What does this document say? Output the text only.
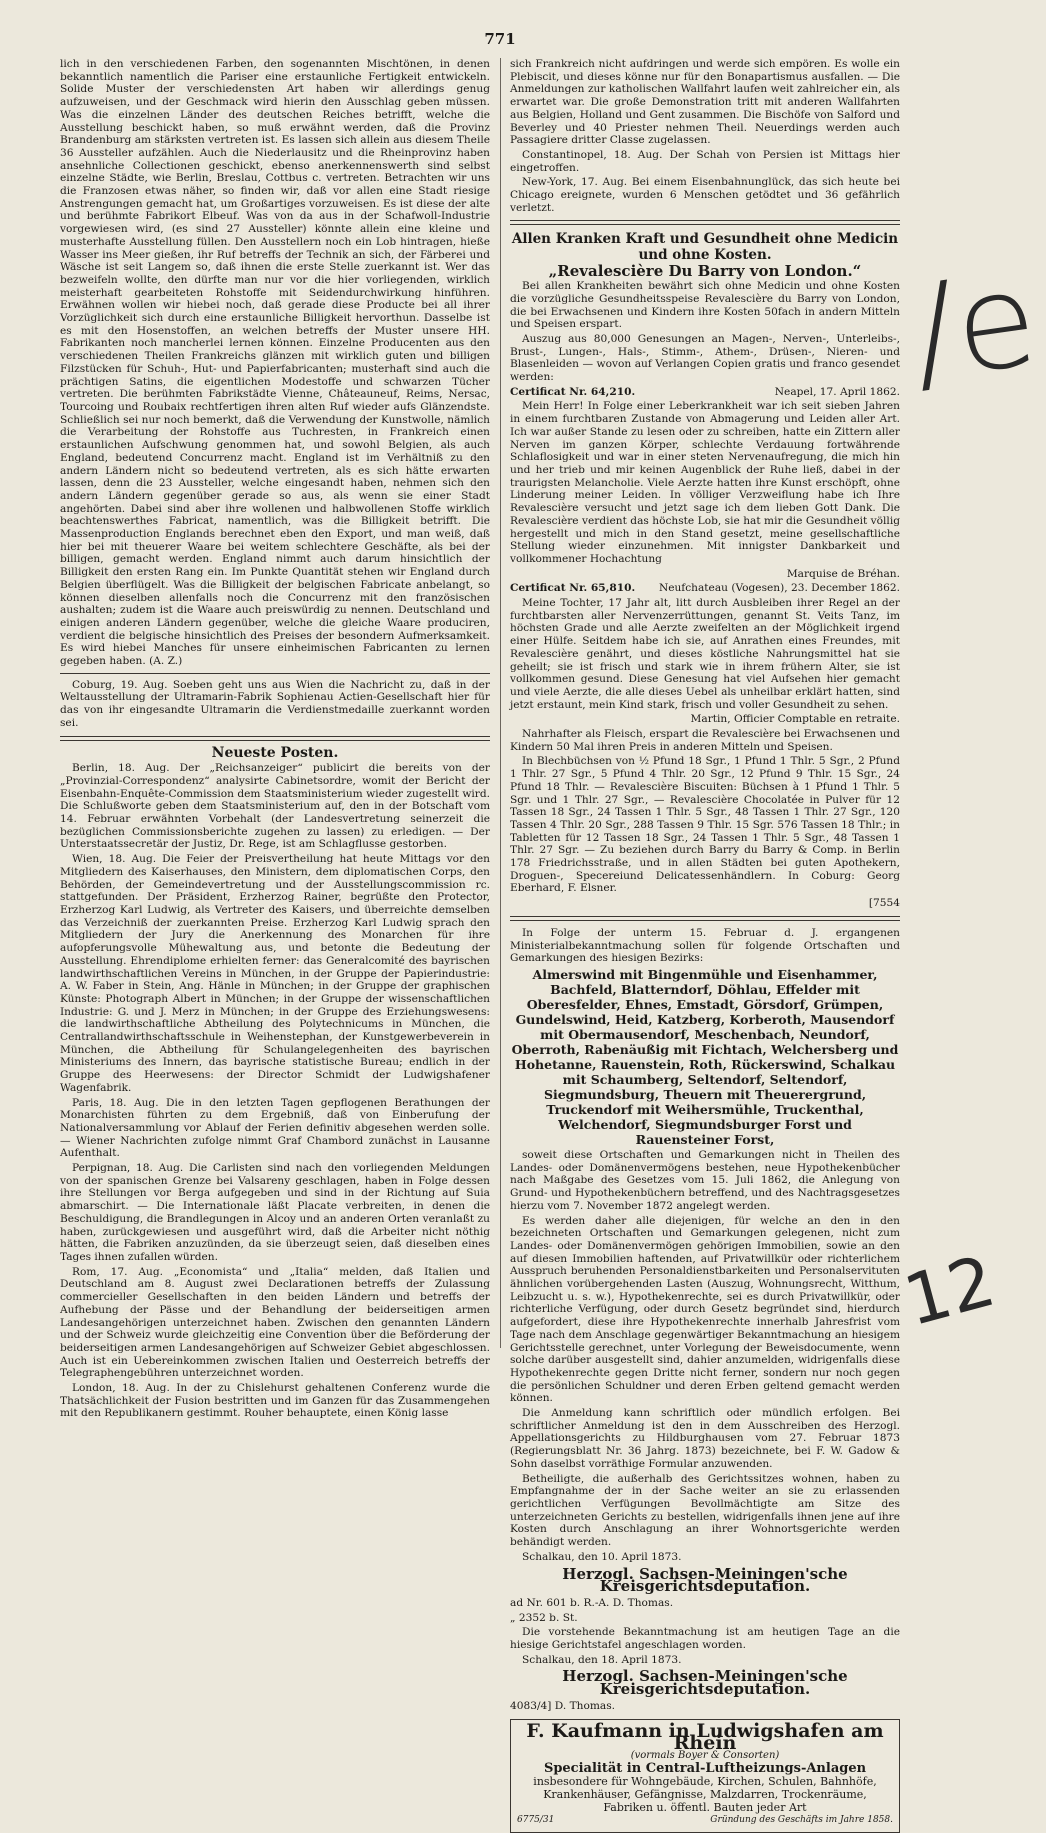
771

lich in den verschiedenen Farben, den sogenannten Mischtönen, in denen bekanntlich namentlich die Pariser eine erstaunliche Fertigkeit entwickeln. Solide Muster der verschiedensten Art haben wir allerdings genug aufzuweisen, und der Geschmack wird hierin den Ausschlag geben müssen. Was die einzelnen Länder des deutschen Reiches betrifft, welche die Ausstellung beschickt haben, so muß erwähnt werden, daß die Provinz Brandenburg am stärksten vertreten ist. Es lassen sich allein aus diesem Theile 36 Aussteller aufzählen. Auch die Niederlausitz und die Rheinprovinz haben ansehnliche Collectionen geschickt, ebenso anerkennenswerth sind selbst einzelne Städte, wie Berlin, Breslau, Cottbus c. vertreten. Betrachten wir uns die Franzosen etwas näher, so finden wir, daß vor allen eine Stadt riesige Anstrengungen gemacht hat, um Großartiges vorzuweisen. Es ist diese der alte und berühmte Fabrikort Elbeuf. Was von da aus in der Schafwoll-Industrie vorgewiesen wird, (es sind 27 Aussteller) könnte allein eine kleine und musterhafte Ausstellung füllen. Den Ausstellern noch ein Lob hintragen, hieße Wasser ins Meer gießen, ihr Ruf betreffs der Technik an sich, der Färberei und Wäsche ist seit Langem so, daß ihnen die erste Stelle zuerkannt ist. Wer das bezweifeln wollte, den dürfte man nur vor die hier vorliegenden, wirklich meisterhaft gearbeiteten Rohstoffe mit Seidendurchwirkung hinführen. Erwähnen wollen wir hiebei noch, daß gerade diese Producte bei all ihrer Vorzüglichkeit sich durch eine erstaunliche Billigkeit hervorthun. Dasselbe ist es mit den Hosenstoffen, an welchen betreffs der Muster unsere HH. Fabrikanten noch mancherlei lernen können. Einzelne Producenten aus den verschiedenen Theilen Frankreichs glänzen mit wirklich guten und billigen Filzstücken für Schuh-, Hut- und Papierfabricanten; musterhaft sind auch die prächtigen Satins, die eigentlichen Modestoffe und schwarzen Tücher vertreten. Die berühmten Fabrikstädte Vienne, Châteauneuf, Reims, Nersac, Tourcoing und Roubaix rechtfertigen ihren alten Ruf wieder aufs Glänzendste. Schließlich sei nur noch bemerkt, daß die Verwendung der Kunstwolle, nämlich die Verarbeitung der Rohstoffe aus Tuchresten, in Frankreich einen erstaunlichen Aufschwung genommen hat, und sowohl Belgien, als auch England, bedeutend Concurrenz macht. England ist im Verhältniß zu den andern Ländern nicht so bedeutend vertreten, als es sich hätte erwarten lassen, denn die 23 Aussteller, welche eingesandt haben, nehmen sich den andern Ländern gegenüber gerade so aus, als wenn sie einer Stadt angehörten. Dabei sind aber ihre wollenen und halbwollenen Stoffe wirklich beachtenswerthes Fabricat, namentlich, was die Billigkeit betrifft. Die Massenproduction Englands berechnet eben den Export, und man weiß, daß hier bei mit theuerer Waare bei weitem schlechtere Geschäfte, als bei der billigen, gemacht werden. England nimmt auch darum hinsichtlich der Billigkeit den ersten Rang ein. Im Punkte Quantität stehen wir England durch Belgien überflügelt. Was die Billigkeit der belgischen Fabricate anbelangt, so können dieselben allenfalls noch die Concurrenz mit den französischen aushalten; zudem ist die Waare auch preiswürdig zu nennen. Deutschland und einigen anderen Ländern gegenüber, welche die gleiche Waare produciren, verdient die belgische hinsichtlich des Preises der besondern Aufmerksamkeit. Es wird hiebei Manches für unsere einheimischen Fabricanten zu lernen gegeben haben. (A. Z.)

Coburg, 19. Aug. Soeben geht uns aus Wien die Nachricht zu, daß in der Weltausstellung der Ultramarin-Fabrik Sophienau Actien-Gesellschaft hier für das von ihr eingesandte Ultramarin die Verdienstmedaille zuerkannt worden sei.

Neueste Posten.

Berlin, 18. Aug. Der „Reichsanzeiger“ publicirt die bereits von der „Provinzial-Correspondenz“ analysirte Cabinetsordre, womit der Bericht der Eisenbahn-Enquête-Commission dem Staatsministerium wieder zugestellt wird. Die Schlußworte geben dem Staatsministerium auf, den in der Botschaft vom 14. Februar erwähnten Vorbehalt (der Landesvertretung seinerzeit die bezüglichen Commissionsberichte zugehen zu lassen) zu erledigen. — Der Unterstaatssecretär der Justiz, Dr. Rege, ist am Schlagflusse gestorben.

Wien, 18. Aug. Die Feier der Preisvertheilung hat heute Mittags vor den Mitgliedern des Kaiserhauses, den Ministern, dem diplomatischen Corps, den Behörden, der Gemeindevertretung und der Ausstellungscommission rc. stattgefunden. Der Präsident, Erzherzog Rainer, begrüßte den Protector, Erzherzog Karl Ludwig, als Vertreter des Kaisers, und überreichte demselben das Verzeichniß der zuerkannten Preise. Erzherzog Karl Ludwig sprach den Mitgliedern der Jury die Anerkennung des Monarchen für ihre aufopferungsvolle Mühewaltung aus, und betonte die Bedeutung der Ausstellung. Ehrendiplome erhielten ferner: das Generalcomité des bayrischen landwirthschaftlichen Vereins in München, in der Gruppe der Papierindustrie: A. W. Faber in Stein, Ang. Hänle in München; in der Gruppe der graphischen Künste: Photograph Albert in München; in der Gruppe der wissenschaftlichen Industrie: G. und J. Merz in München; in der Gruppe des Erziehungswesens: die landwirthschaftliche Abtheilung des Polytechnicums in München, die Centrallandwirthschaftsschule in Weihenstephan, der Kunstgewerbeverein in München, die Abtheilung für Schulangelegenheiten des bayrischen Ministeriums des Innern, das bayrische statistische Bureau; endlich in der Gruppe des Heerwesens: der Director Schmidt der Ludwigshafener Wagenfabrik.

Paris, 18. Aug. Die in den letzten Tagen gepflogenen Berathungen der Monarchisten führten zu dem Ergebniß, daß von Einberufung der Nationalversammlung vor Ablauf der Ferien definitiv abgesehen werden solle. — Wiener Nachrichten zufolge nimmt Graf Chambord zunächst in Lausanne Aufenthalt.

Perpignan, 18. Aug. Die Carlisten sind nach den vorliegenden Meldungen von der spanischen Grenze bei Valsareny geschlagen, haben in Folge dessen ihre Stellungen vor Berga aufgegeben und sind in der Richtung auf Suia abmarschirt. — Die Internationale läßt Placate verbreiten, in denen die Beschuldigung, die Brandlegungen in Alcoy und an anderen Orten veranlaßt zu haben, zurückgewiesen und ausgeführt wird, daß die Arbeiter nicht nöthig hätten, die Fabriken anzuzünden, da sie überzeugt seien, daß dieselben eines Tages ihnen zufallen würden.

Rom, 17. Aug. „Economista“ und „Italia“ melden, daß Italien und Deutschland am 8. August zwei Declarationen betreffs der Zulassung commercieller Gesellschaften in den beiden Ländern und betreffs der Aufhebung der Pässe und der Behandlung der beiderseitigen armen Landesangehörigen unterzeichnet haben. Zwischen den genannten Ländern und der Schweiz wurde gleichzeitig eine Convention über die Beförderung der beiderseitigen armen Landesangehörigen auf Schweizer Gebiet abgeschlossen. Auch ist ein Uebereinkommen zwischen Italien und Oesterreich betreffs der Telegraphengebühren unterzeichnet worden.

London, 18. Aug. In der zu Chislehurst gehaltenen Conferenz wurde die Thatsächlichkeit der Fusion bestritten und im Ganzen für das Zusammengehen mit den Republikanern gestimmt. Rouher behauptete, einen König lasse

sich Frankreich nicht aufdringen und werde sich empören. Es wolle ein Plebiscit, und dieses könne nur für den Bonapartismus ausfallen. — Die Anmeldungen zur katholischen Wallfahrt laufen weit zahlreicher ein, als erwartet war. Die große Demonstration tritt mit anderen Wallfahrten aus Belgien, Holland und Gent zusammen. Die Bischöfe von Salford und Beverley und 40 Priester nehmen Theil. Neuerdings werden auch Passagiere dritter Classe zugelassen.

Constantinopel, 18. Aug. Der Schah von Persien ist Mittags hier eingetroffen.

New-York, 17. Aug. Bei einem Eisenbahnunglück, das sich heute bei Chicago ereignete, wurden 6 Menschen getödtet und 36 gefährlich verletzt.

Allen Kranken Kraft und Gesundheit ohne Medicin und ohne Kosten.
„Revalescière Du Barry von London.“

Bei allen Krankheiten bewährt sich ohne Medicin und ohne Kosten die vorzügliche Gesundheitsspeise Revalescière du Barry von London, die bei Erwachsenen und Kindern ihre Kosten 50fach in andern Mitteln und Speisen erspart.

Auszug aus 80,000 Genesungen an Magen-, Nerven-, Unterleibs-, Brust-, Lungen-, Hals-, Stimm-, Athem-, Drüsen-, Nieren- und Blasenleiden — wovon auf Verlangen Copien gratis und franco gesendet werden:

Certificat Nr. 64,210.	Neapel, 17. April 1862.

Mein Herr! In Folge einer Leberkrankheit war ich seit sieben Jahren in einem furchtbaren Zustande von Abmagerung und Leiden aller Art. Ich war außer Stande zu lesen oder zu schreiben, hatte ein Zittern aller Nerven im ganzen Körper, schlechte Verdauung fortwährende Schlaflosigkeit und war in einer steten Nervenaufregung, die mich hin und her trieb und mir keinen Augenblick der Ruhe ließ, dabei in der traurigsten Melancholie. Viele Aerzte hatten ihre Kunst erschöpft, ohne Linderung meiner Leiden. In völliger Verzweiflung habe ich Ihre Revalescière versucht und jetzt sage ich dem lieben Gott Dank. Die Revalescière verdient das höchste Lob, sie hat mir die Gesundheit völlig hergestellt und mich in den Stand gesetzt, meine gesellschaftliche Stellung wieder einzunehmen. Mit innigster Dankbarkeit und vollkommener Hochachtung

Marquise de Bréhan.

Certificat Nr. 65,810. Neufchateau (Vogesen), 23. December 1862.

Meine Tochter, 17 Jahr alt, litt durch Ausbleiben ihrer Regel an der furchtbarsten aller Nervenzerrüttungen, genannt St. Veits Tanz, im höchsten Grade und alle Aerzte zweifelten an der Möglichkeit irgend einer Hülfe. Seitdem habe ich sie, auf Anrathen eines Freundes, mit Revalescière genährt, und dieses köstliche Nahrungsmittel hat sie geheilt; sie ist frisch und stark wie in ihrem frühern Alter, sie ist vollkommen gesund. Diese Genesung hat viel Aufsehen hier gemacht und viele Aerzte, die alle dieses Uebel als unheilbar erklärt hatten, sind jetzt erstaunt, mein Kind stark, frisch und voller Gesundheit zu sehen.

Martin, Officier Comptable en retraite.

Nahrhafter als Fleisch, erspart die Revalescière bei Erwachsenen und Kindern 50 Mal ihren Preis in anderen Mitteln und Speisen.

In Blechbüchsen von ½ Pfund 18 Sgr., 1 Pfund 1 Thlr. 5 Sgr., 2 Pfund 1 Thlr. 27 Sgr., 5 Pfund 4 Thlr. 20 Sgr., 12 Pfund 9 Thlr. 15 Sgr., 24 Pfund 18 Thlr. — Revalescière Biscuiten: Büchsen à 1 Pfund 1 Thlr. 5 Sgr. und 1 Thlr. 27 Sgr., — Revalescière Chocolatée in Pulver für 12 Tassen 18 Sgr., 24 Tassen 1 Thlr. 5 Sgr., 48 Tassen 1 Thlr. 27 Sgr., 120 Tassen 4 Thlr. 20 Sgr., 288 Tassen 9 Thlr. 15 Sgr. 576 Tassen 18 Thlr.; in Tabletten für 12 Tassen 18 Sgr., 24 Tassen 1 Thlr. 5 Sgr., 48 Tassen 1 Thlr. 27 Sgr. — Zu beziehen durch Barry du Barry & Comp. in Berlin 178 Friedrichsstraße, und in allen Städten bei guten Apothekern, Droguen-, Specereiund Delicatessenhändlern. In Coburg: Georg Eberhard, F. Elsner.

[7554

In Folge der unterm 15. Februar d. J. ergangenen Ministerialbekanntmachung sollen für folgende Ortschaften und Gemarkungen des hiesigen Bezirks:

Almerswind mit Bingenmühle und Eisenhammer, Bachfeld, Blatterndorf, Döhlau, Effelder mit Oberesfelder, Ehnes, Emstadt, Görsdorf, Grümpen, Gundelswind, Heid, Katzberg, Korberoth, Mausendorf mit Obermausendorf, Meschenbach, Neundorf, Oberroth, Rabenäußig mit Fichtach, Welchersberg und Hohetanne, Rauenstein, Roth, Rückerswind, Schalkau mit Schaumberg, Seltendorf, Seltendorf, Siegmundsburg, Theuern mit Theuerergrund, Truckendorf mit Weihersmühle, Truckenthal, Welchendorf, Siegmundsburger Forst und Rauensteiner Forst,

soweit diese Ortschaften und Gemarkungen nicht in Theilen des Landes- oder Domänenvermögens bestehen, neue Hypothekenbücher nach Maßgabe des Gesetzes vom 15. Juli 1862, die Anlegung von Grund- und Hypothekenbüchern betreffend, und des Nachtragsgesetzes hierzu vom 7. November 1872 angelegt werden.

Es werden daher alle diejenigen, für welche an den in den bezeichneten Ortschaften und Gemarkungen gelegenen, nicht zum Landes- oder Domänenvermögen gehörigen Immobilien, sowie an den auf diesen Immobilien haftenden, auf Privatwillkür oder richterlichem Ausspruch beruhenden Personaldienstbarkeiten und Personalservituten ähnlichen vorübergehenden Lasten (Auszug, Wohnungsrecht, Witthum, Leibzucht u. s. w.), Hypothekenrechte, sei es durch Privatwillkür, oder richterliche Verfügung, oder durch Gesetz begründet sind, hierdurch aufgefordert, diese ihre Hypothekenrechte innerhalb Jahresfrist vom Tage nach dem Anschlage gegenwärtiger Bekanntmachung an hiesigem Gerichtsstelle gerechnet, unter Vorlegung der Beweisdocumente, wenn solche darüber ausgestellt sind, dahier anzumelden, widrigenfalls diese Hypothekenrechte gegen Dritte nicht ferner, sondern nur noch gegen die persönlichen Schuldner und deren Erben geltend gemacht werden können.

Die Anmeldung kann schriftlich oder mündlich erfolgen. Bei schriftlicher Anmeldung ist den in dem Ausschreiben des Herzogl. Appellationsgerichts zu Hildburghausen vom 27. Februar 1873 (Regierungsblatt Nr. 36 Jahrg. 1873) bezeichnete, bei F. W. Gadow & Sohn daselbst vorräthige Formular anzuwenden.

Betheiligte, die außerhalb des Gerichtssitzes wohnen, haben zu Empfangnahme der in der Sache weiter an sie zu erlassenden gerichtlichen Verfügungen Bevollmächtigte am Sitze des unterzeichneten Gerichts zu bestellen, widrigenfalls ihnen jene auf ihre Kosten durch Anschlagung an ihrer Wohnortsgerichte werden behändigt werden.

Schalkau, den 10. April 1873.

Herzogl. Sachsen-Meiningen'sche Kreisgerichtsdeputation.

ad Nr. 601 b. R.-A. D. Thomas.

„ 2352 b. St.

Die vorstehende Bekanntmachung ist am heutigen Tage an die hiesige Gerichtstafel angeschlagen worden.

Schalkau, den 18. April 1873.

Herzogl. Sachsen-Meiningen'sche Kreisgerichtsdeputation.

4083/4] D. Thomas.

F. Kaufmann in Ludwigshafen am Rhein
(vormals Boyer & Consorten)
Specialität in Central-Luftheizungs-Anlagen
insbesondere für Wohngebäude, Kirchen, Schulen, Bahnhöfe, Krankenhäuser, Gefängnisse, Malzdarren, Trockenräume, Fabriken u. öffentl. Bauten jeder Art
6775/31	Gründung des Geschäfts im Jahre 1858.
/e
12
